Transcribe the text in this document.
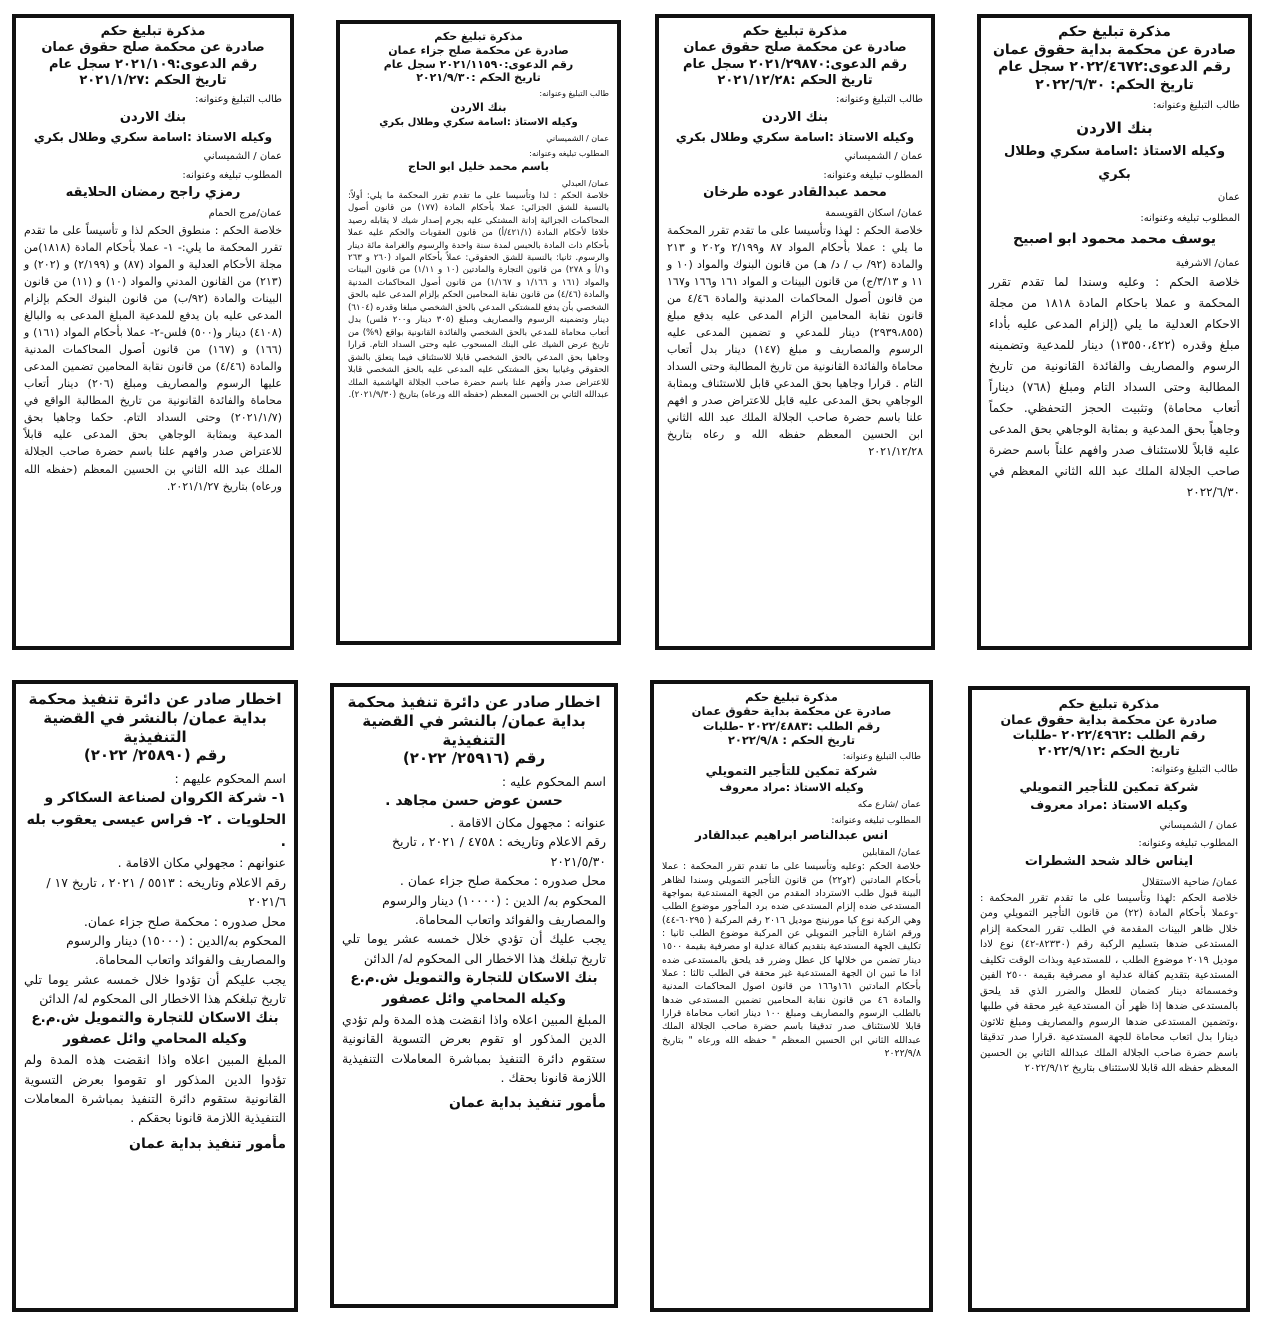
مذكرة تبليغ حكم

صادرة عن محكمة بداية حقوق عمان

رقم الدعوى:٢٠٢٢/٤٦٧٢ سجل عام

تاريخ الحكم: ٢٠٢٢/٦/٣٠

طالب التبليغ وعنوانه:

بنك الاردن

وكيله الاستاذ :اسامة سكري وطلال بكري

عمان

المطلوب تبليغه وعنوانه:

يوسف محمد محمود ابو اصبيح

عمان/ الاشرفية

خلاصة الحكم : وعليه وسندا لما تقدم تقرر المحكمة و عملا باحكام المادة ١٨١٨ من مجلة الاحكام العدلية ما يلي (إلزام المدعى عليه بأداء مبلغ وقدره (١٣٥٥٠،٤٢٢) دينار للمدعية وتضمينه الرسوم والمصاريف والفائدة القانونية من تاريخ المطالبة وحتى السداد التام ومبلغ (٧٦٨) ديناراً أتعاب محاماة) وتثبيت الحجز التحفظي. حكماً وجاهياً بحق المدعية و بمثابة الوجاهي بحق المدعى عليه قابلاً للاستئناف صدر وافهم علناً باسم حضرة صاحب الجلالة الملك عبد الله الثاني المعظم في ٢٠٢٢/٦/٣٠

مذكرة تبليغ حكم

صادرة عن محكمة صلح حقوق عمان

رقم الدعوى:٢٠٢١/٢٩٨٧٠ سجل عام

تاريخ الحكم :٢٠٢١/١٢/٢٨

طالب التبليغ وعنوانه:

بنك الاردن

وكيله الاستاذ :اسامة سكري وطلال بكري

عمان / الشميساني

المطلوب تبليغه وعنوانه:

محمد عبدالقادر عوده طرخان

عمان/ اسكان القويسمة

خلاصة الحكم : لهذا وتأسيسا على ما تقدم تقرر المحكمة ما يلي : عملا بأحكام المواد ٨٧ و٢/١٩٩ و٢٠٢ و ٢١٣ والمادة (٩٢/ ب / د/ هـ) من قانون البنوك والمواد (١٠ و ١١ و ٣/١٣/ج) من قانون البينات و المواد ١٦١ و١٦٦ و١٦٧ من قانون أصول المحاكمات المدنية والمادة ٤/٤٦ من قانون نقابة المحامين الزام المدعى عليه بدفع مبلغ (٢٩٣٩،٨٥٥) دينار للمدعي و تضمين المدعى عليه الرسوم والمصاريف و مبلغ (١٤٧) دينار بدل أتعاب محاماة والفائدة القانونية من تاريخ المطالبة وحتى السداد التام . قرارا وجاهيا بحق المدعي قابل للاستئناف وبمثابة الوجاهي بحق المدعى عليه قابل للاعتراض صدر و افهم علنا باسم حضرة صاحب الجلالة الملك عبد الله الثاني ابن الحسين المعظم حفظه الله و رعاه بتاريخ ٢٠٢١/١٢/٢٨

مذكرة تبليغ حكم

صادرة عن محكمة صلح جزاء عمان

رقم الدعوى:٢٠٢١/١١٥٩٠ سجل عام

تاريخ الحكم :٢٠٢١/٩/٣٠

طالب التبليغ وعنوانه:

بنك الاردن

وكيله الاستاذ :اسامة سكري وطلال بكري

عمان / الشميساني

المطلوب تبليغه وعنوانه:

باسم محمد خليل ابو الحاج

عمان/ العبدلي

خلاصة الحكم : لذا وتأسيسا على ما تقدم تقرر المحكمة ما يلي: أولاً: بالنسبة للشق الجزائي: عملا بأحكام المادة (١٧٧) من قانون أصول المحاكمات الجزائية إدانة المشتكى عليه بجرم إصدار شيك لا يقابله رصيد خلافا لأحكام المادة (٤٢١/١/أ) من قانون العقوبات والحكم عليه عملا بأحكام ذات المادة بالحبس لمدة سنة واحدة والرسوم والغرامة مائة دينار والرسوم. ثانيا: بالنسبة للشق الحقوقي: عملاً بأحكام المواد (٢٦٠ و ٢٦٣ و١/أ و ٢٧٨) من قانون التجارة والمادتين (١٠ و ١/١١) من قانون البينات والمواد (١٦١ و ١/١٦٦ و ١/١٦٧) من قانون أصول المحاكمات المدنية والمادة (٤/٤٦) من قانون نقابة المحامين الحكم بإلزام المدعى عليه بالحق الشخصي بأن يدفع للمشتكي المدعي بالحق الشخصي مبلغا وقدره (٦١٠٤) دينار وتضمينه الرسوم والمصاريف ومبلغ (٣٠٥ دينار و٢٠٠ فلس) بدل أتعاب محاماة للمدعي بالحق الشخصي والفائدة القانونية بواقع (٩%) من تاريخ عرض الشيك على البنك المسحوب عليه وحتى السداد التام. قرارا وجاهيا بحق المدعي بالحق الشخصي قابلا للاستئناف فيما يتعلق بالشق الحقوقي وغيابيا بحق المشتكى عليه المدعى عليه بالحق الشخصي قابلا للاعتراض صدر وأفهم علنا باسم حضرة صاحب الجلالة الهاشمية الملك عبدالله الثاني بن الحسين المعظم (حفظه الله ورعاه) بتاريخ (٢٠٢١/٩/٣٠).

مذكرة تبليغ حكم

صادرة عن محكمة صلح حقوق عمان

رقم الدعوى:٢٠٢١/١٠٩ سجل عام

تاريخ الحكم :٢٠٢١/١/٢٧

طالب التبليغ وعنوانه:

بنك الاردن

وكيله الاستاذ :اسامة سكري وطلال بكري

عمان / الشميساني

المطلوب تبليغه وعنوانه:

رمزي راجح رمضان الحلايقه

عمان/مرج الحمام

خلاصة الحكم : منطوق الحكم لذا و تأسيساً على ما تقدم تقرر المحكمة ما يلي:- ١- عملا بأحكام المادة (١٨١٨)من مجلة الأحكام العدلية و المواد (٨٧) و (٢/١٩٩) و (٢٠٢) و (٢١٣) من القانون المدني والمواد (١٠) و (١١) من قانون البينات والمادة (٩٢/ب) من قانون البنوك الحكم بإلزام المدعى عليه بان يدفع للمدعية المبلغ المدعى به والبالغ (٤١٠٨) دينار و(٥٠٠) فلس-٢- عملا بأحكام المواد (١٦١) و (١٦٦) و (١٦٧) من قانون أصول المحاكمات المدنية والمادة (٤/٤٦) من قانون نقابة المحامين تضمين المدعى عليها الرسوم والمصاريف ومبلغ (٢٠٦) دينار أتعاب محاماة والفائدة القانونية من تاريخ المطالبة الواقع في (٢٠٢١/١/٧) وحتى السداد التام. حكما وجاهيا بحق المدعية وبمثابة الوجاهي بحق المدعى عليه قابلاً للاعتراض صدر وافهم علنا باسم حضرة صاحب الجلالة الملك عبد الله الثاني بن الحسين المعظم (حفظه الله ورعاه) بتاريخ ٢٠٢١/١/٢٧.

مذكرة تبليغ حكم

صادرة عن محكمة بداية حقوق عمان

رقم الطلب :٢٠٢٢/٤٩٦٢ -طلبات

تاريخ الحكم :٢٠٢٢/٩/١٢

طالب التبليغ وعنوانه:

شركة تمكين للتأجير التمويلي

وكيله الاستاذ :مراد معروف

عمان / الشميساني

المطلوب تبليغه وعنوانه:

ايناس خالد شحد الشطرات

عمان/ ضاحية الاستقلال

خلاصة الحكم :لهذا وتأسيسا على ما تقدم تقرر المحكمة : -وعملا بأحكام المادة (٢٢) من قانون التأجير التمويلي ومن خلال ظاهر البينات المقدمة في الطلب تقرر المحكمة إلزام المستدعى ضدها بتسليم الركبة رقم (٨٢٣٣٠-٤٢) نوع لادا موديل ٢٠١٩ موضوع الطلب ، للمستدعية وبذات الوقت تكليف المستدعية بتقديم كفالة عدلية او مصرفية بقيمة ٢٥٠٠ الفين وخمسمائة دينار كضمان للعطل والضرر الذي قد يلحق بالمستدعى ضدها إذا ظهر أن المستدعية غير محقة في طلبها ،وتضمين المستدعى ضدها الرسوم والمصاريف ومبلغ ثلاثون دينارا بدل اتعاب محاماة للجهة المستدعية .قرارا صدر تدقيقا باسم حضرة صاحب الجلالة الملك عبدالله الثاني بن الحسين المعظم حفظه الله قابلا للاستئناف بتاريخ ٢٠٢٢/٩/١٢

مذكرة تبليغ حكم

صادرة عن محكمة بداية حقوق عمان

رقم الطلب :٢٠٢٢/٤٨٨٣ -طلبات

تاريخ الحكم : ٢٠٢٢/٩/٨

طالب التبليغ وعنوانه:

شركة تمكين للتأجير التمويلي

وكيله الاستاذ :مراد معروف

عمان /شارع مكه

المطلوب تبليغه وعنوانه:

انس عبدالناصر ابراهيم عبدالقادر

عمان/ المقابلين

خلاصة الحكم :وعليه وتأسيسا على ما تقدم تقرر المحكمة : عملا بأحكام المادتين (٢و٢٢) من قانون التأجير التمويلي وسندا لظاهر البينة قبول طلب الاسترداد المقدم من الجهة المستدعية بمواجهة المستدعى ضده إلزام المستدعى ضده برد المأجور موضوع الطلب وهي الركبة نوع كيا مورنينج موديل ٢٠١٦ رقم المركبة ( ٦٠٢٩٥-٤٤) ورقم اشارة التأجير التمويلي عن المركبة موضوع الطلب ثانيا : تكليف الجهة المستدعية بتقديم كفالة عدلية او مصرفية بقيمة ١٥٠٠ دينار تضمن من خلالها كل عطل وضرر قد يلحق بالمستدعى ضده اذا ما تبين ان الجهة المستدعية غير محقة في الطلب ثالثا : عملا بأحكام المادتين ١٦١و١٦٦ من قانون اصول المحاكمات المدنية والمادة ٤٦ من قانون نقابة المحامين تضمين المستدعى ضدها بالطلب الرسوم والمصاريف ومبلغ ١٠٠ دينار اتعاب محاماة قرارا قابلا للاستئناف صدر تدقيقا باسم حضرة صاحب الجلالة الملك عبدالله الثاني ابن الحسين المعظم " حفظه الله ورعاه " بتاريخ ٢٠٢٢/٩/٨

اخطار صادر عن دائرة تنفيذ محكمة بداية عمان/ بالنشر في القضية التنفيذية

رقم (٢٥٩١٦/ ٢٠٢٢)

اسم المحكوم عليه :

حسن عوض حسن مجاهد .

عنوانه : مجهول مكان الاقامة .

رقم الاعلام وتاريخه : ٤٧٥٨ / ٢٠٢١ ، تاريخ ٢٠٢١/٥/٣٠

محل صدوره : محكمة صلح جزاء عمان .

المحكوم به/ الدين : (١٠٠٠٠) دينار والرسوم والمصاريف والفوائد واتعاب المحاماة.

يجب عليك أن تؤدي خلال خمسه عشر يوما تلي تاريخ تبلغك هذا الاخطار الى المحكوم له/ الدائن

بنك الاسكان للتجارة والتمويل ش.م.ع وكيله المحامي وائل عصفور

المبلغ المبين اعلاه واذا انقضت هذه المدة ولم تؤدي الدين المذكور او تقوم بعرض التسوية القانونية ستقوم دائرة التنفيذ بمباشرة المعاملات التنفيذية اللازمة قانونا بحقك .

مأمور تنفيذ بداية عمان

اخطار صادر عن دائرة تنفيذ محكمة بداية عمان/ بالنشر في القضية التنفيذية

رقم (٢٥٨٩٠/ ٢٠٢٢)

اسم المحكوم عليهم :

١- شركة الكروان لصناعة السكاكر و الحلويات . ٢- فراس عيسى يعقوب بله .

عنوانهم : مجهولي مكان الاقامة .

رقم الاعلام وتاريخه : ٥٥١٣ / ٢٠٢١ ، تاريخ ١٧ / ٢٠٢١/٦

محل صدوره : محكمة صلح جزاء عمان.

المحكوم به/الدين : (١٥٠٠٠) دينار والرسوم والمصاريف والفوائد واتعاب المحاماة.

يجب عليكم أن تؤدوا خلال خمسه عشر يوما تلي تاريخ تبلغكم هذا الاخطار الى المحكوم له/ الدائن

بنك الاسكان للتجارة والتمويل ش.م.ع وكيله المحامي وائل عصفور

المبلغ المبين اعلاه واذا انقضت هذه المدة ولم تؤدوا الدين المذكور او تقوموا بعرض التسوية القانونية ستقوم دائرة التنفيذ بمباشرة المعاملات التنفيذية اللازمة قانونا بحقكم .

مأمور تنفيذ بداية عمان
